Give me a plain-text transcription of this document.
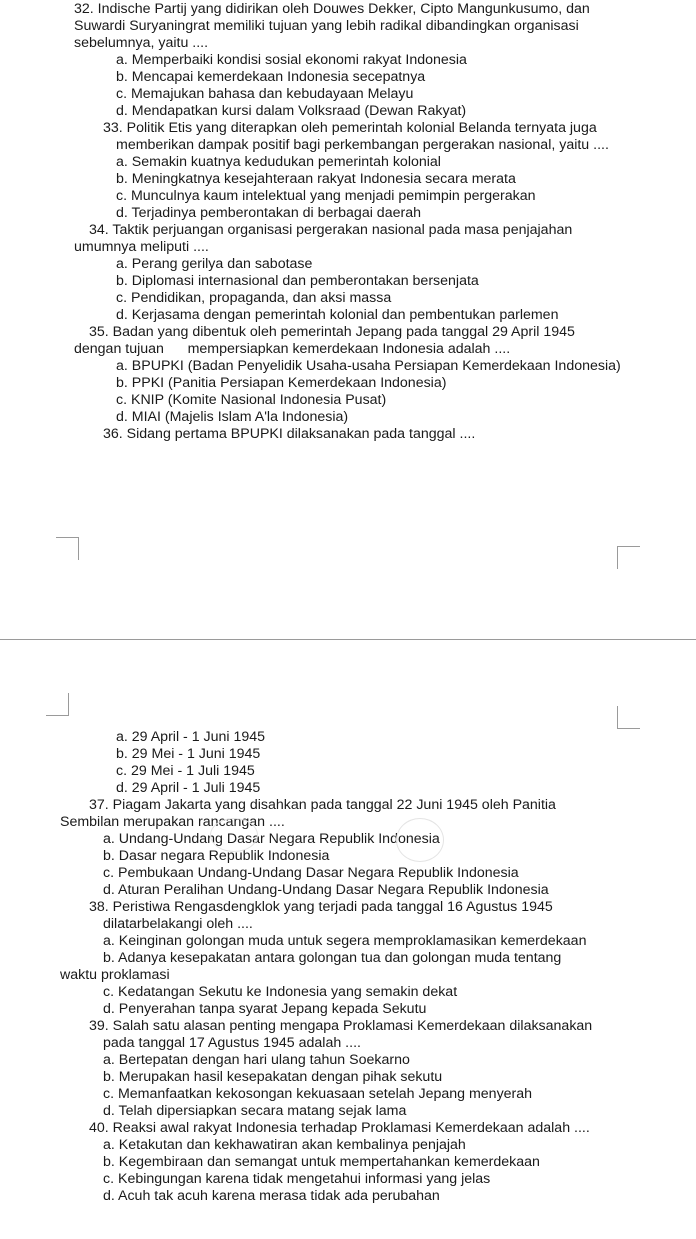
32. Indische Partij yang didirikan oleh Douwes Dekker, Cipto Mangunkusumo, dan
Suwardi Suryaningrat memiliki tujuan yang lebih radikal dibandingkan organisasi
sebelumnya, yaitu ....
a. Memperbaiki kondisi sosial ekonomi rakyat Indonesia
b. Mencapai kemerdekaan Indonesia secepatnya
c. Memajukan bahasa dan kebudayaan Melayu
d. Mendapatkan kursi dalam Volksraad (Dewan Rakyat)
33. Politik Etis yang diterapkan oleh pemerintah kolonial Belanda ternyata juga
memberikan dampak positif bagi perkembangan pergerakan nasional, yaitu ....
a. Semakin kuatnya kedudukan pemerintah kolonial
b. Meningkatnya kesejahteraan rakyat Indonesia secara merata
c. Munculnya kaum intelektual yang menjadi pemimpin pergerakan
d. Terjadinya pemberontakan di berbagai daerah
34. Taktik perjuangan organisasi pergerakan nasional pada masa penjajahan
umumnya meliputi ....
a. Perang gerilya dan sabotase
b. Diplomasi internasional dan pemberontakan bersenjata
c. Pendidikan, propaganda, dan aksi massa
d. Kerjasama dengan pemerintah kolonial dan pembentukan parlemen
35. Badan yang dibentuk oleh pemerintah Jepang pada tanggal 29 April 1945
dengan tujuan      mempersiapkan kemerdekaan Indonesia adalah ....
a. BPUPKI (Badan Penyelidik Usaha-usaha Persiapan Kemerdekaan Indonesia)
b. PPKI (Panitia Persiapan Kemerdekaan Indonesia)
c. KNIP (Komite Nasional Indonesia Pusat)
d. MIAI (Majelis Islam A'la Indonesia)
36. Sidang pertama BPUPKI dilaksanakan pada tanggal ....
a. 29 April - 1 Juni 1945
b. 29 Mei - 1 Juni 1945
c. 29 Mei - 1 Juli 1945
d. 29 April - 1 Juli 1945
37. Piagam Jakarta yang disahkan pada tanggal 22 Juni 1945 oleh Panitia
Sembilan merupakan rancangan ....
a. Undang-Undang Dasar Negara Republik Indonesia
b. Dasar negara Republik Indonesia
c. Pembukaan Undang-Undang Dasar Negara Republik Indonesia
d. Aturan Peralihan Undang-Undang Dasar Negara Republik Indonesia
38. Peristiwa Rengasdengklok yang terjadi pada tanggal 16 Agustus 1945
dilatarbelakangi oleh ....
a. Keinginan golongan muda untuk segera memproklamasikan kemerdekaan
b. Adanya kesepakatan antara golongan tua dan golongan muda tentang
waktu proklamasi
c. Kedatangan Sekutu ke Indonesia yang semakin dekat
d. Penyerahan tanpa syarat Jepang kepada Sekutu
39. Salah satu alasan penting mengapa Proklamasi Kemerdekaan dilaksanakan
pada tanggal 17 Agustus 1945 adalah ....
a. Bertepatan dengan hari ulang tahun Soekarno
b. Merupakan hasil kesepakatan dengan pihak sekutu
c. Memanfaatkan kekosongan kekuasaan setelah Jepang menyerah
d. Telah dipersiapkan secara matang sejak lama
40. Reaksi awal rakyat Indonesia terhadap Proklamasi Kemerdekaan adalah ....
a. Ketakutan dan kekhawatiran akan kembalinya penjajah
b. Kegembiraan dan semangat untuk mempertahankan kemerdekaan
c. Kebingungan karena tidak mengetahui informasi yang jelas
d. Acuh tak acuh karena merasa tidak ada perubahan
